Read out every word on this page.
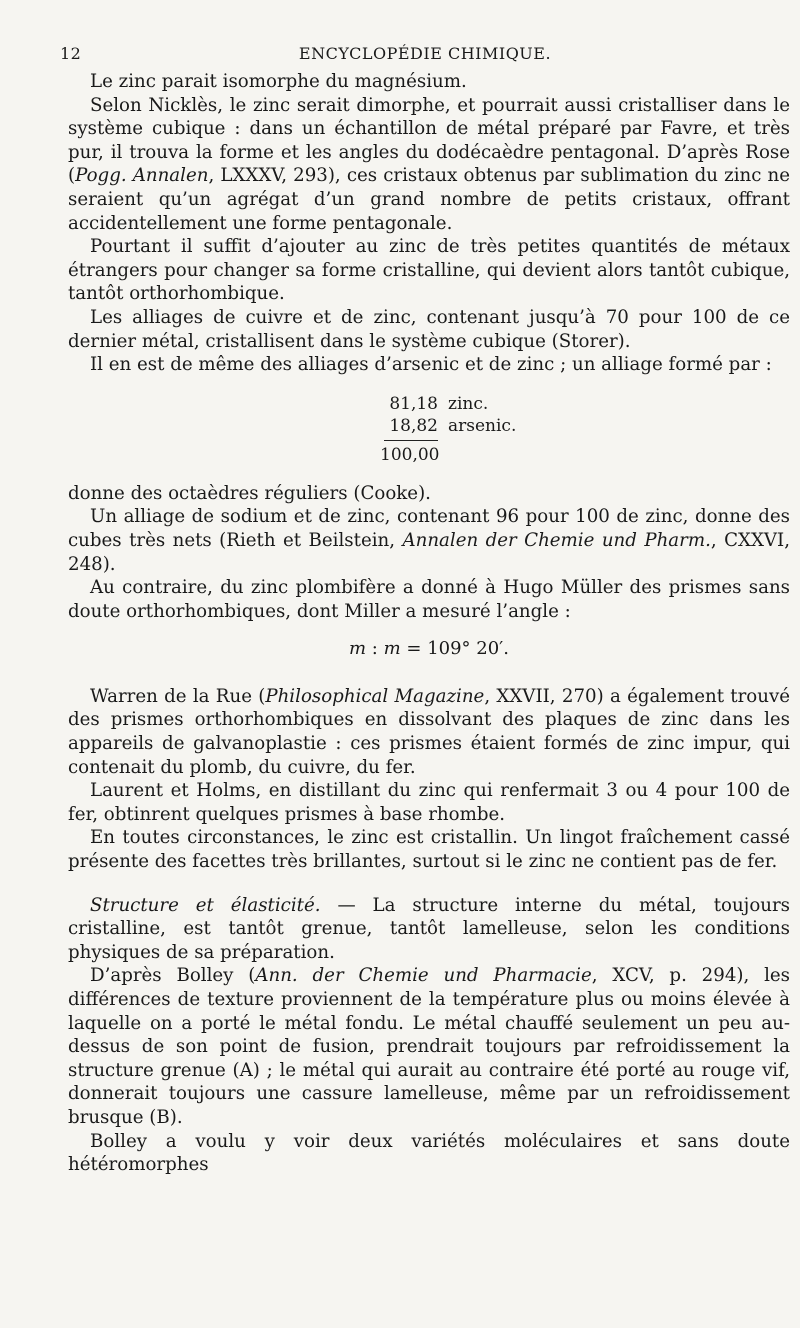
12	ENCYCLOPÉDIE CHIMIQUE.

Le zinc parait isomorphe du magnésium.

Selon Nicklès, le zinc serait dimorphe, et pourrait aussi cristalliser dans le système cubique : dans un échantillon de métal préparé par Favre, et très pur, il trouva la forme et les angles du dodécaèdre pentagonal. D’après Rose (Pogg. Annalen, LXXXV, 293), ces cristaux obtenus par sublimation du zinc ne seraient qu’un agrégat d’un grand nombre de petits cristaux, offrant accidentellement une forme pentagonale.

Pourtant il suffit d’ajouter au zinc de très petites quantités de métaux étrangers pour changer sa forme cristalline, qui devient alors tantôt cubique, tantôt orthorhombique.

Les alliages de cuivre et de zinc, contenant jusqu’à 70 pour 100 de ce dernier métal, cristallisent dans le système cubique (Storer).

Il en est de même des alliages d’arsenic et de zinc ; un alliage formé par :

81,18 zinc.
18,82 arsenic.
100,00

donne des octaèdres réguliers (Cooke).

Un alliage de sodium et de zinc, contenant 96 pour 100 de zinc, donne des cubes très nets (Rieth et Beilstein, Annalen der Chemie und Pharm., CXXVI, 248).

Au contraire, du zinc plombifère a donné à Hugo Müller des prismes sans doute orthorhombiques, dont Miller a mesuré l’angle :

m : m = 109° 20′.

Warren de la Rue (Philosophical Magazine, XXVII, 270) a également trouvé des prismes orthorhombiques en dissolvant des plaques de zinc dans les appareils de galvanoplastie : ces prismes étaient formés de zinc impur, qui contenait du plomb, du cuivre, du fer.

Laurent et Holms, en distillant du zinc qui renfermait 3 ou 4 pour 100 de fer, obtinrent quelques prismes à base rhombe.

En toutes circonstances, le zinc est cristallin. Un lingot fraîchement cassé présente des facettes très brillantes, surtout si le zinc ne contient pas de fer.

Structure et élasticité. — La structure interne du métal, toujours cristalline, est tantôt grenue, tantôt lamelleuse, selon les conditions physiques de sa préparation.

D’après Bolley (Ann. der Chemie und Pharmacie, XCV, p. 294), les différences de texture proviennent de la température plus ou moins élevée à laquelle on a porté le métal fondu. Le métal chauffé seulement un peu au-dessus de son point de fusion, prendrait toujours par refroidissement la structure grenue (A) ; le métal qui aurait au contraire été porté au rouge vif, donnerait toujours une cassure lamelleuse, même par un refroidissement brusque (B).

Bolley a voulu y voir deux variétés moléculaires et sans doute hétéromorphes
